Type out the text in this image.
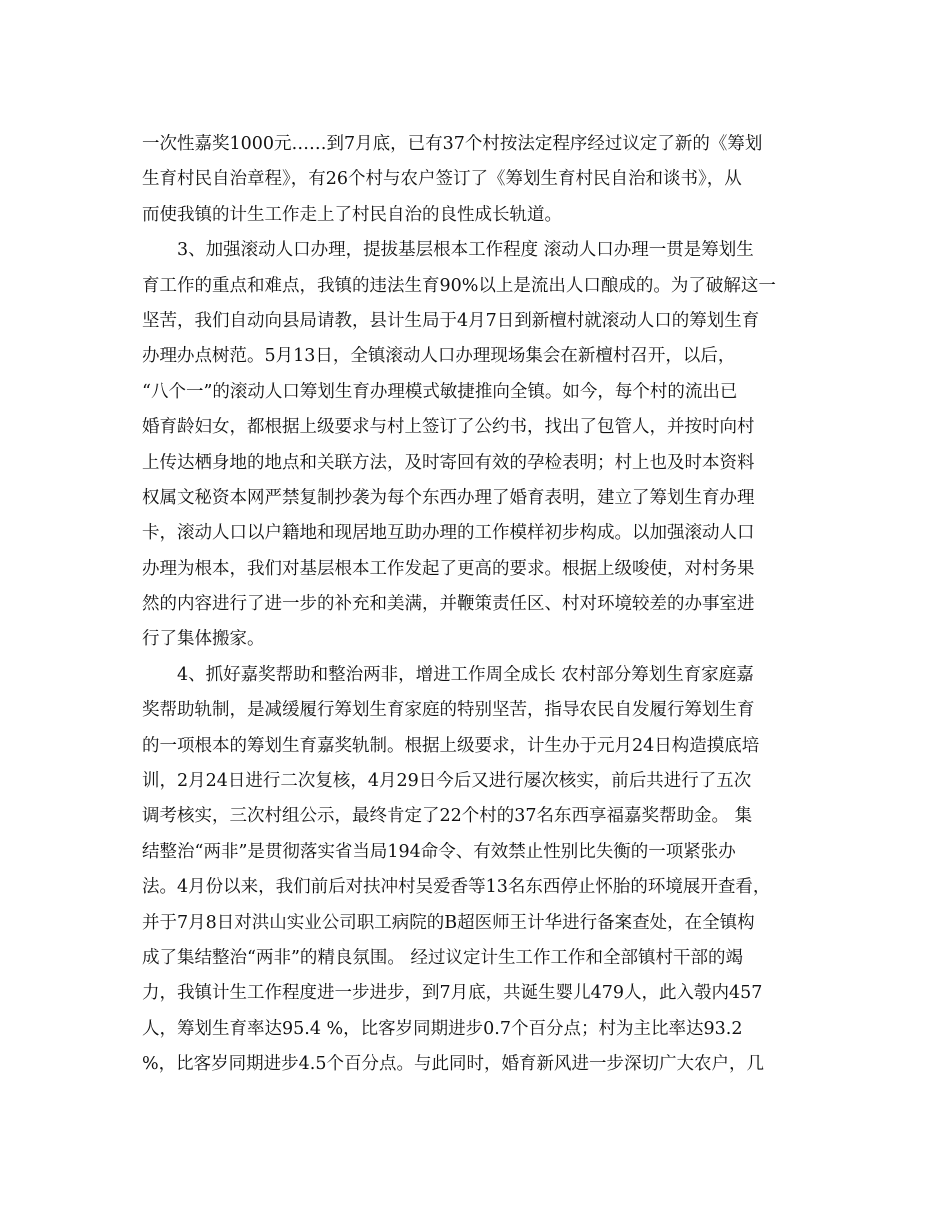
一次性嘉奖1000元……到7月底，已有37个村按法定程序经过议定了新的《筹划
生育村民自治章程》，有26个村与农户签订了《筹划生育村民自治和谈书》，从
而使我镇的计生工作走上了村民自治的良性成长轨道。
3、加强滚动人口办理，提拔基层根本工作程度 滚动人口办理一贯是筹划生
育工作的重点和难点，我镇的违法生育90%以上是流出人口酿成的。为了破解这一
坚苦，我们自动向县局请教，县计生局于4月7日到新檀村就滚动人口的筹划生育
办理办点树范。5月13日，全镇滚动人口办理现场集会在新檀村召开，以后，
“八个一”的滚动人口筹划生育办理模式敏捷推向全镇。如今，每个村的流出已
婚育龄妇女，都根据上级要求与村上签订了公约书，找出了包管人，并按时向村
上传达栖身地的地点和关联方法，及时寄回有效的孕检表明；村上也及时本资料
权属文秘资本网严禁复制抄袭为每个东西办理了婚育表明，建立了筹划生育办理
卡，滚动人口以户籍地和现居地互助办理的工作模样初步构成。以加强滚动人口
办理为根本，我们对基层根本工作发起了更高的要求。根据上级唆使，对村务果
然的内容进行了进一步的补充和美满，并鞭策责任区、村对环境较差的办事室进
行了集体搬家。
4、抓好嘉奖帮助和整治两非，增进工作周全成长 农村部分筹划生育家庭嘉
奖帮助轨制，是减缓履行筹划生育家庭的特别坚苦，指导农民自发履行筹划生育
的一项根本的筹划生育嘉奖轨制。根据上级要求，计生办于元月24日构造摸底培
训，2月24日进行二次复核，4月29日今后又进行屡次核实，前后共进行了五次
调考核实，三次村组公示，最终肯定了22个村的37名东西享福嘉奖帮助金。 集
结整治“两非”是贯彻落实省当局194命令、有效禁止性别比失衡的一项紧张办
法。4月份以来，我们前后对扶冲村吴爱香等13名东西停止怀胎的环境展开查看，
并于7月8日对洪山实业公司职工病院的B超医师王计华进行备案查处，在全镇构
成了集结整治“两非”的精良氛围。 经过议定计生工作工作和全部镇村干部的竭
力，我镇计生工作程度进一步进步，到7月底，共诞生婴儿479人，此入彀内457
人，筹划生育率达95.4 %，比客岁同期进步0.7个百分点；村为主比率达93.2
%，比客岁同期进步4.5个百分点。与此同时，婚育新风进一步深切广大农户，几
